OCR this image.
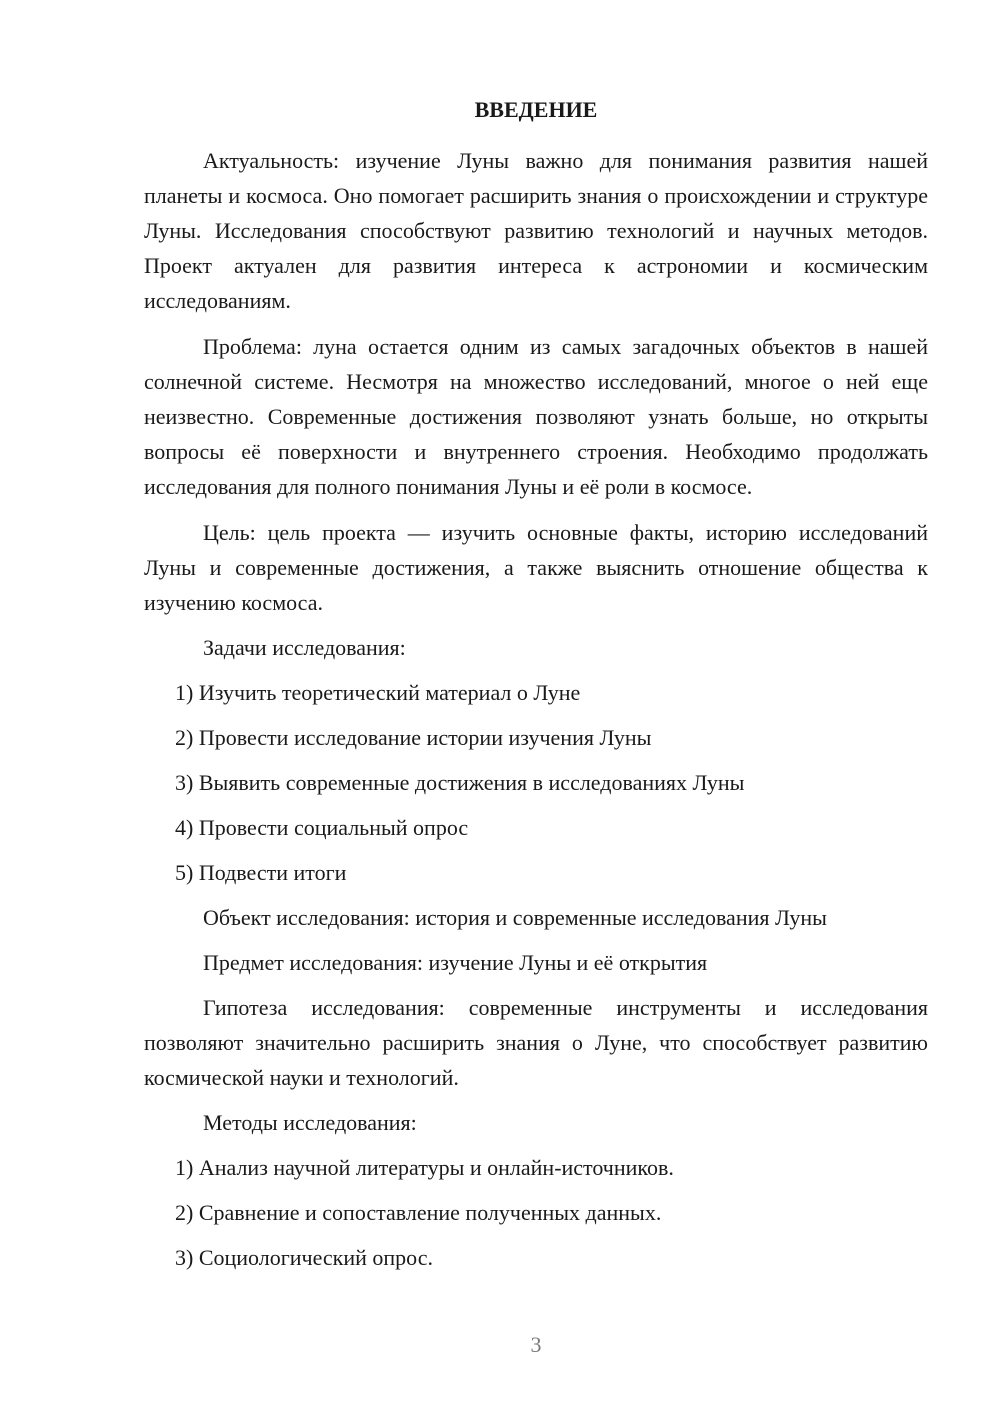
ВВЕДЕНИЕ

Актуальность: изучение Луны важно для понимания развития нашей планеты и космоса. Оно помогает расширить знания о происхождении и структуре Луны. Исследования способствуют развитию технологий и научных методов. Проект актуален для развития интереса к астрономии и космическим исследованиям.

Проблема: луна остается одним из самых загадочных объектов в нашей солнечной системе. Несмотря на множество исследований, многое о ней еще неизвестно. Современные достижения позволяют узнать больше, но открыты вопросы её поверхности и внутреннего строения. Необходимо продолжать исследования для полного понимания Луны и её роли в космосе.

Цель: цель проекта — изучить основные факты, историю исследований Луны и современные достижения, а также выяснить отношение общества к изучению космоса.

Задачи исследования:

1) Изучить теоретический материал о Луне
2) Провести исследование истории изучения Луны
3) Выявить современные достижения в исследованиях Луны
4) Провести социальный опрос
5) Подвести итоги

Объект исследования: история и современные исследования Луны

Предмет исследования: изучение Луны и её открытия

Гипотеза исследования: современные инструменты и исследования позволяют значительно расширить знания о Луне, что способствует развитию космической науки и технологий.

Методы исследования:

1) Анализ научной литературы и онлайн-источников.
2) Сравнение и сопоставление полученных данных.
3) Социологический опрос.
3
